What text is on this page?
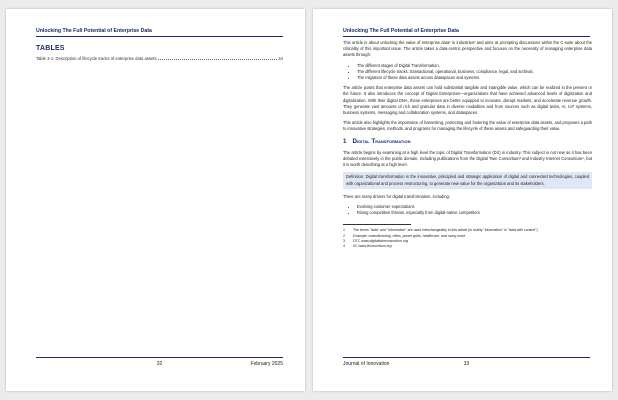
Unlocking The Full Potential of Enterprise Data
TABLES
Table 3-1: Description of lifecycle tracks of enterprise data assets	44
32	February 2025
Unlocking The Full Potential of Enterprise Data

This article is about unlocking the value of enterprise data¹ in industries² and aims at prompting discussions within the C-suite about the criticality of this important issue. The article takes a data-centric perspective and focuses on the necessity of managing enterprise data assets through:

• The different stages of Digital Transformation,
• The different lifecycle tracks: transactional, operational, business, compliance, legal, and archival,
• The migration of these data assets across dataspaces and systems.

The article posits that enterprise data assets can hold substantial tangible and intangible value, which can be realized in the present or the future. It also introduces the concept of Digital Enterprises—organizations that have achieved advanced levels of digitization and digitalization. With their digital DNA, these enterprises are better equipped to innovate, disrupt markets, and accelerate revenue growth. They generate vast amounts of rich and granular data in diverse modalities and from sources such as digital twins, AI, IoT systems, business systems, messaging and collaboration systems, and dataspaces.

This article also highlights the importance of harvesting, protecting and fostering the value of enterprise data assets, and proposes a path to innovative strategies, methods, and programs for managing the lifecycle of these assets and safeguarding their value.

1 Digital Transformation

The article begins by examining at a high level the topic of Digital Transformation (DX) in industry. This subject is not new as it has been debated extensively in the public domain, including publications from the Digital Twin Consortium³ and Industry Internet Consortium⁴, but it is worth describing at a high level.

Definition: Digital transformation is the innovative, principled and strategic application of digital and connected technologies, coupled with organizational and process restructuring, to generate new value for the organization and its stakeholders.

There are many drivers for digital transformation, including:

• Evolving customer expectations
• Rising competitive threats, especially from digital-native competitors
1	The terms "data" and "information" are used interchangeably in this article (in reality "information" is "data with context")
2	Example: manufacturing, cities, power grids, healthcare, and many more
3	DTC www.digitaltwinconsortium.org
4	IIC www.iiconsortium.org
Journal of Innovation	33
